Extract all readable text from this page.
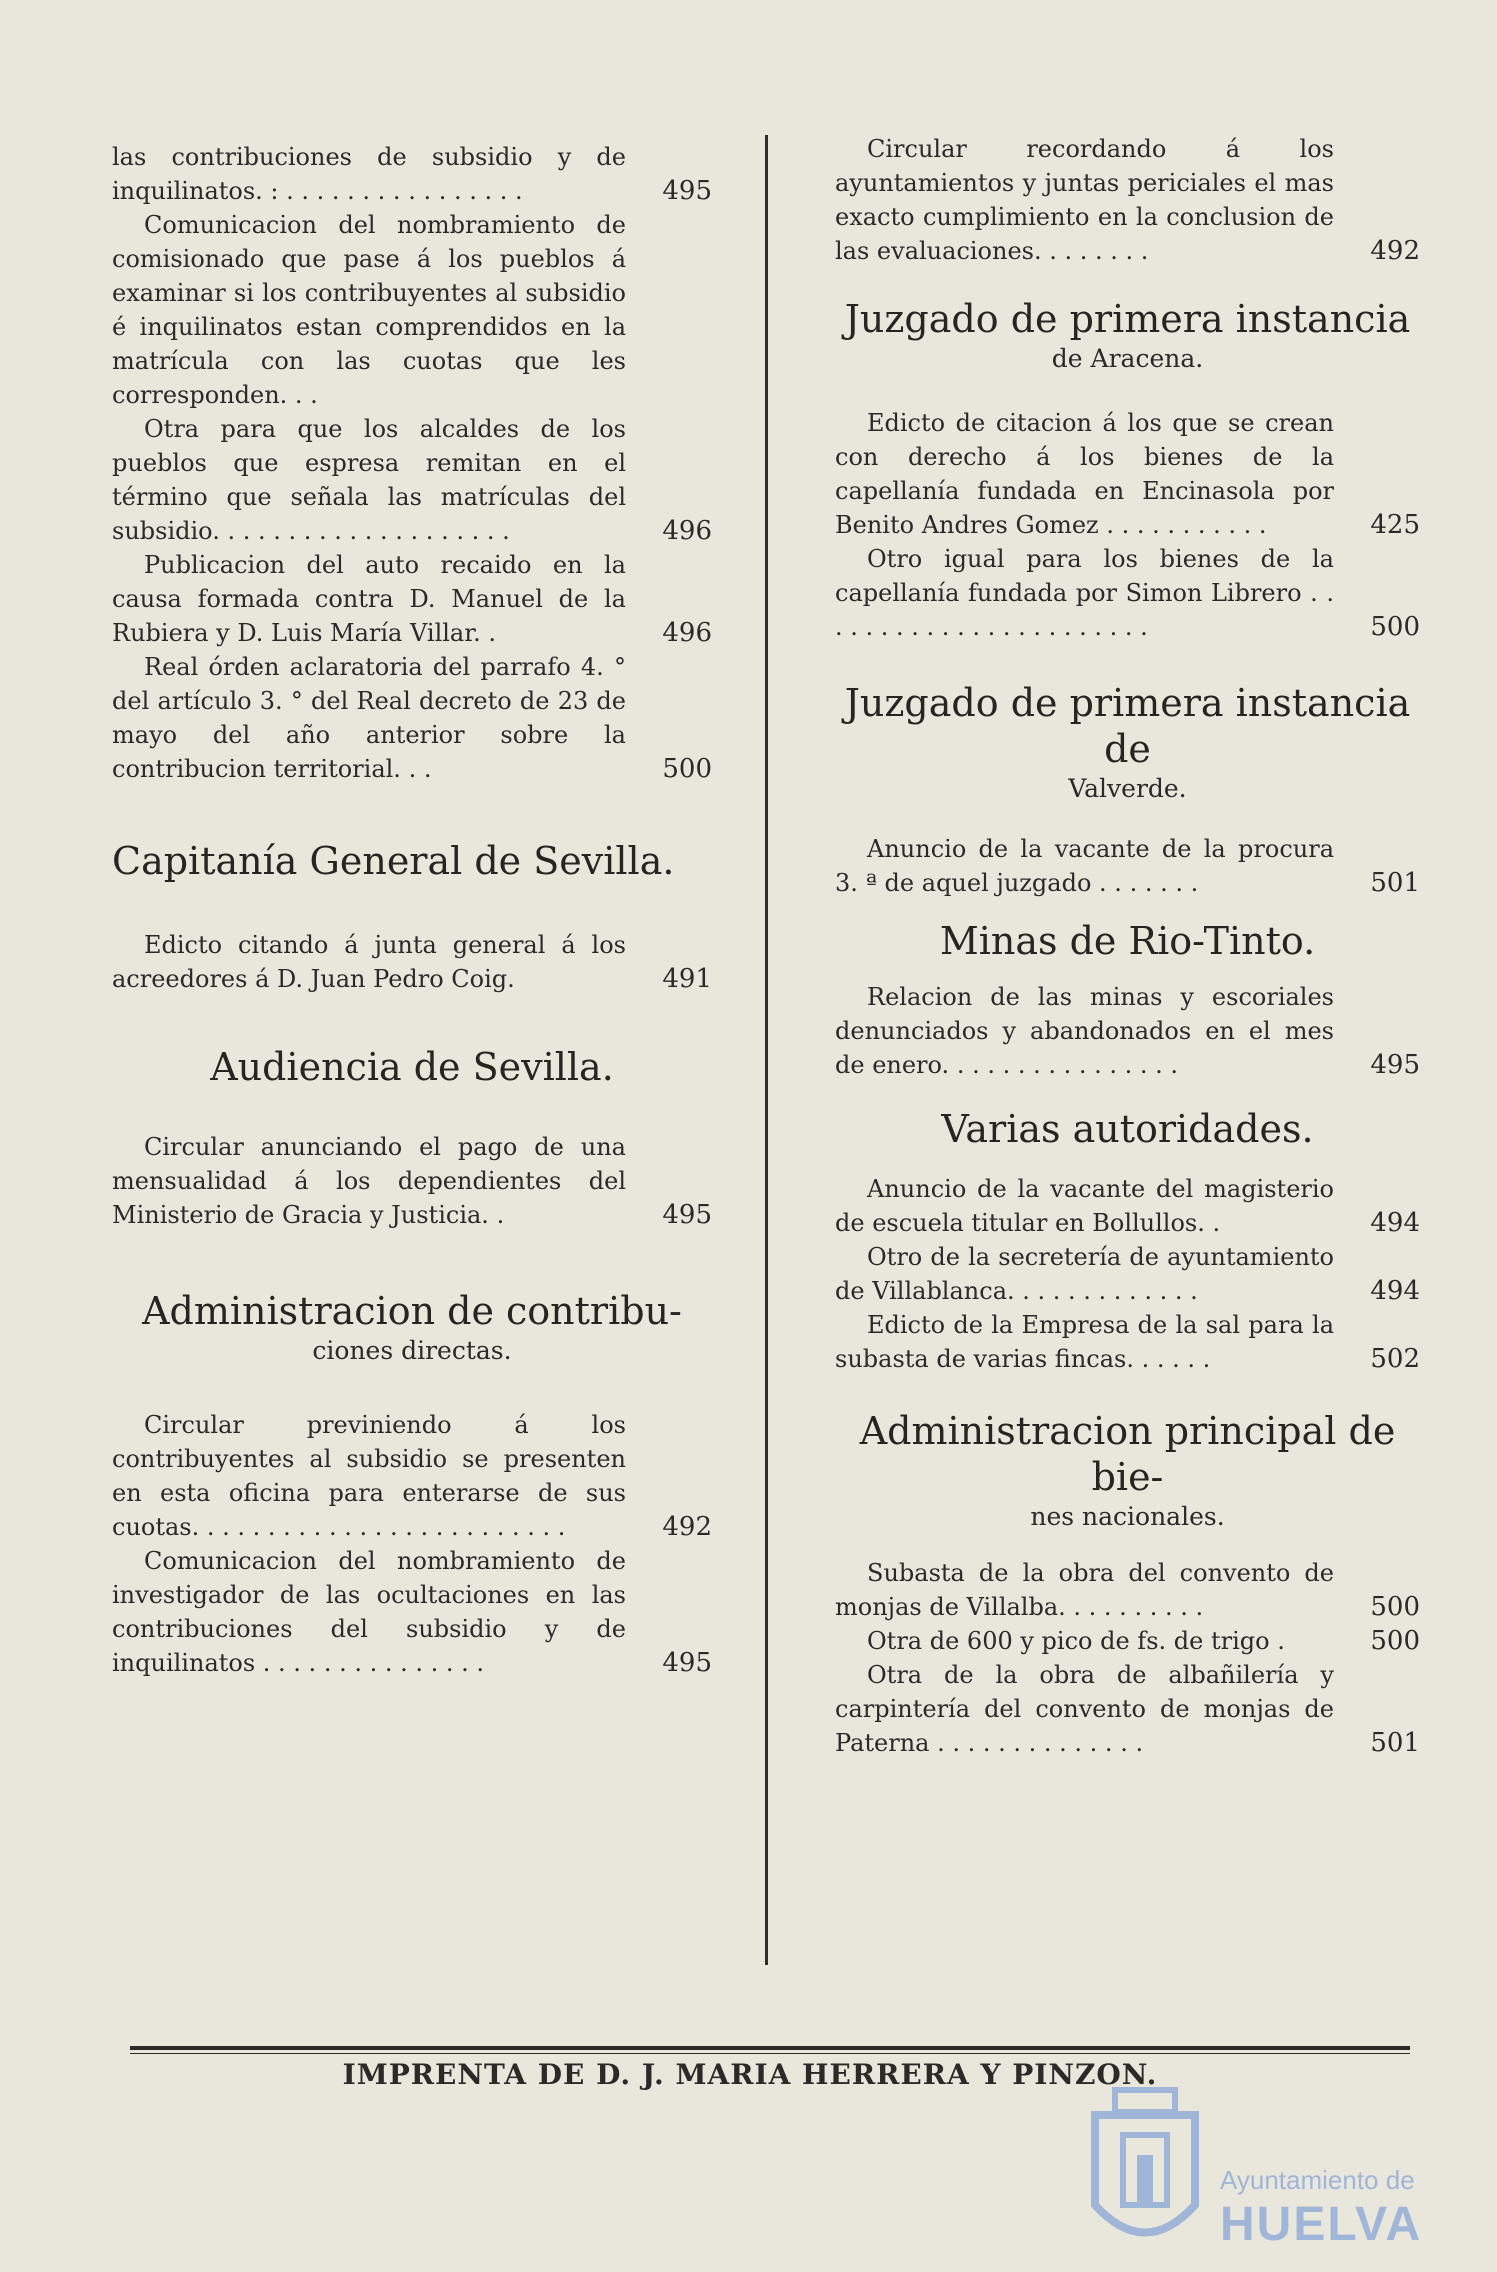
las contribuciones de subsidio y de inquilinatos. : . . . . . . . . . . . . . . . .	495
Comunicacion del nombramiento de comisionado que pase á los pueblos á examinar si los contribuyentes al subsidio é inquilinatos estan comprendidos en la matrícula con las cuotas que les corresponden. . .
Otra para que los alcaldes de los pueblos que espresa remitan en el término que señala las matrículas del subsidio. . . . . . . . . . . . . . . . . . . .	496
Publicacion del auto recaido en la causa formada contra D. Manuel de la Rubiera y D. Luis María Villar. .	496
Real órden aclaratoria del parrafo 4. ° del artículo 3. ° del Real decreto de 23 de mayo del año anterior sobre la contribucion territorial. . .	500
Capitanía General de Sevilla.
Edicto citando á junta general á los acreedores á D. Juan Pedro Coig.	491
Audiencia de Sevilla.
Circular anunciando el pago de una mensualidad á los dependientes del Ministerio de Gracia y Justicia. .	495
Administracion de contribu-

ciones directas.

Circular previniendo á los contribuyentes al subsidio se presenten en esta oficina para enterarse de sus cuotas. . . . . . . . . . . . . . . . . . . . . . . . .	492
Comunicacion del nombramiento de investigador de las ocultaciones en las contribuciones del subsidio y de inquilinatos . . . . . . . . . . . . . . .	495
Circular recordando á los ayuntamientos y juntas periciales el mas exacto cumplimiento en la conclusion de las evaluaciones. . . . . . . .	492
Juzgado de primera instancia

de Aracena.

Edicto de citacion á los que se crean con derecho á los bienes de la capellanía fundada en Encinasola por Benito Andres Gomez . . . . . . . . . . .	425
Otro igual para los bienes de la capellanía fundada por Simon Librero . . . . . . . . . . . . . . . . . . . . . . .	500
Juzgado de primera instancia de

Valverde.

Anuncio de la vacante de la procura 3. ª de aquel juzgado . . . . . . .	501
Minas de Rio-Tinto.
Relacion de las minas y escoriales denunciados y abandonados en el mes de enero. . . . . . . . . . . . . . . .	495
Varias autoridades.
Anuncio de la vacante del magisterio de escuela titular en Bollullos. .	494
Otro de la secretería de ayuntamiento de Villablanca. . . . . . . . . . . . .	494
Edicto de la Empresa de la sal para la subasta de varias fincas. . . . . .	502
Administracion principal de bie-

nes nacionales.

Subasta de la obra del convento de monjas de Villalba. . . . . . . . . .	500
Otra de 600 y pico de fs. de trigo .	500
Otra de la obra de albañilería y carpintería del convento de monjas de Paterna . . . . . . . . . . . . . .	501
IMPRENTA DE D. J. MARIA HERRERA Y PINZON.
Ayuntamiento de
HUELVA
